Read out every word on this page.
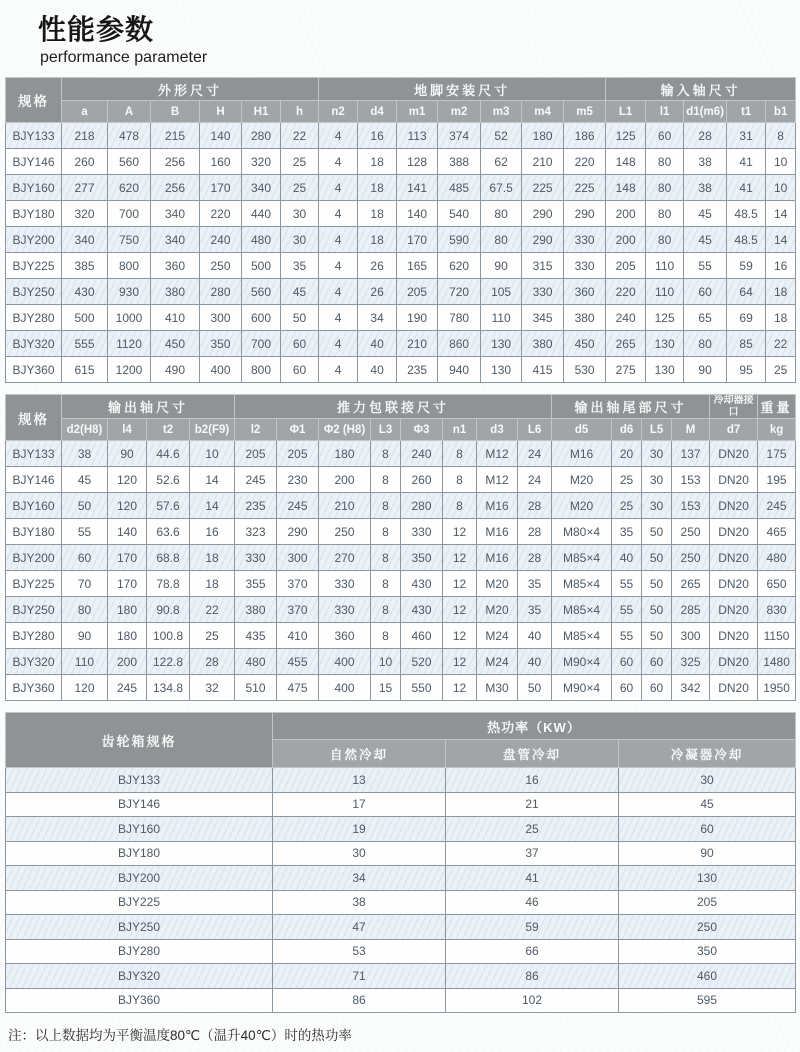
性能参数
performance parameter
规格	外形尺寸						地脚安装尺寸							输入轴尺寸				
	a	A	B	H	H1	h	n2	d4	m1	m2	m3	m4	m5	L1	l1	d1(m6)	t1	b1
BJY133	218	478	215	140	280	22	4	16	113	374	52	180	186	125	60	28	31	8
BJY146	260	560	256	160	320	25	4	18	128	388	62	210	220	148	80	38	41	10
BJY160	277	620	256	170	340	25	4	18	141	485	67.5	225	225	148	80	38	41	10
BJY180	320	700	340	220	440	30	4	18	140	540	80	290	290	200	80	45	48.5	14
BJY200	340	750	340	240	480	30	4	18	170	590	80	290	330	200	80	45	48.5	14
BJY225	385	800	360	250	500	35	4	26	165	620	90	315	330	205	110	55	59	16
BJY250	430	930	380	280	560	45	4	26	205	720	105	330	360	220	110	60	64	18
BJY280	500	1000	410	300	600	50	4	34	190	780	110	345	380	240	125	65	69	18
BJY320	555	1120	450	350	700	60	4	40	210	860	130	380	450	265	130	80	85	22
BJY360	615	1200	490	400	800	60	4	40	235	940	130	415	530	275	130	90	95	25
规格	输出轴尺寸				推力包联接尺寸								输出轴尾部尺寸				冷却器接口	重量
	d2(H8)	l4	t2	b2(F9)	l2	Φ1	Φ2 (H8)	L3	Φ3	n1	d3	L6	d5	d6	L5	M	d7	kg
BJY133	38	90	44.6	10	205	205	180	8	240	8	M12	24	M16	20	30	137	DN20	175
BJY146	45	120	52.6	14	245	230	200	8	260	8	M12	24	M20	25	30	153	DN20	195
BJY160	50	120	57.6	14	235	245	210	8	280	8	M16	28	M20	25	30	153	DN20	245
BJY180	55	140	63.6	16	323	290	250	8	330	12	M16	28	M80×4	35	50	250	DN20	465
BJY200	60	170	68.8	18	330	300	270	8	350	12	M16	28	M85×4	40	50	250	DN20	480
BJY225	70	170	78.8	18	355	370	330	8	430	12	M20	35	M85×4	55	50	265	DN20	650
BJY250	80	180	90.8	22	380	370	330	8	430	12	M20	35	M85×4	55	50	285	DN20	830
BJY280	90	180	100.8	25	435	410	360	8	460	12	M24	40	M85×4	55	50	300	DN20	1150
BJY320	110	200	122.8	28	480	455	400	10	520	12	M24	40	M90×4	60	60	325	DN20	1480
BJY360	120	245	134.8	32	510	475	400	15	550	12	M30	50	M90×4	60	60	342	DN20	1950
齿轮箱规格	热功率（KW）		
	自然冷却	盘管冷却	冷凝器冷却
BJY133	13	16	30
BJY146	17	21	45
BJY160	19	25	60
BJY180	30	37	90
BJY200	34	41	130
BJY225	38	46	205
BJY250	47	59	250
BJY280	53	66	350
BJY320	71	86	460
BJY360	86	102	595
注：以上数据均为平衡温度80℃（温升40℃）时的热功率
